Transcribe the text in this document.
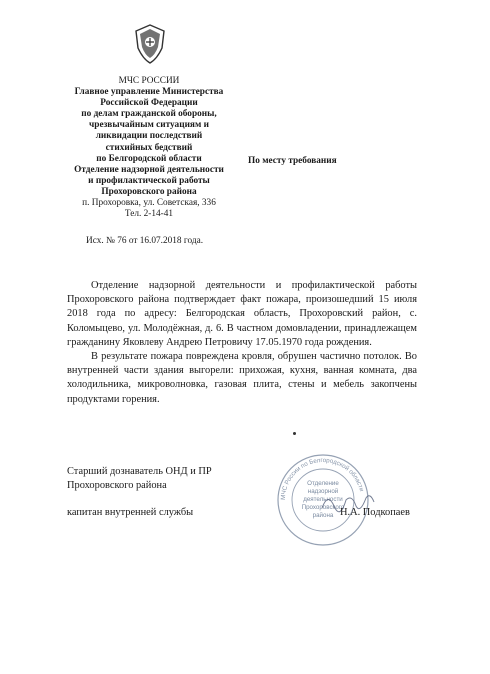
МЧС РОССИИ
Главное управление Министерства
Российской Федерации
по делам гражданской обороны,
чрезвычайным ситуациям и
ликвидации последствий
стихийных бедствий
по Белгородской области
Отделение надзорной деятельности
и профилактической работы
Прохоровского района
п. Прохоровка, ул. Советская, 336
Тел. 2-14-41
По месту требования
Исх. № 76 от 16.07.2018 года.

Отделение надзорной деятельности и профилактической работы Прохоровского района подтверждает факт пожара, произошедший 15 июля 2018 года по адресу: Белгородская область, Прохоровский район, с. Коломыцево, ул. Молодёжная, д. 6. В частном домовладении, принадлежащем гражданину Яковлеву Андрею Петровичу 17.05.1970 года рождения.

В результате пожара повреждена кровля, обрушен частично потолок. Во внутренней части здания выгорели: прихожая, кухня, ванная комната, два холодильника, микроволновка, газовая плита, стены и мебель закопчены продуктами горения.

Старший дознаватель ОНД и ПР
Прохоровского района
капитан внутренней службы
МЧС России по Белгородской области
Отделение
надзорной
деятельности
Прохоровского
района Н.А. Подкопаев
